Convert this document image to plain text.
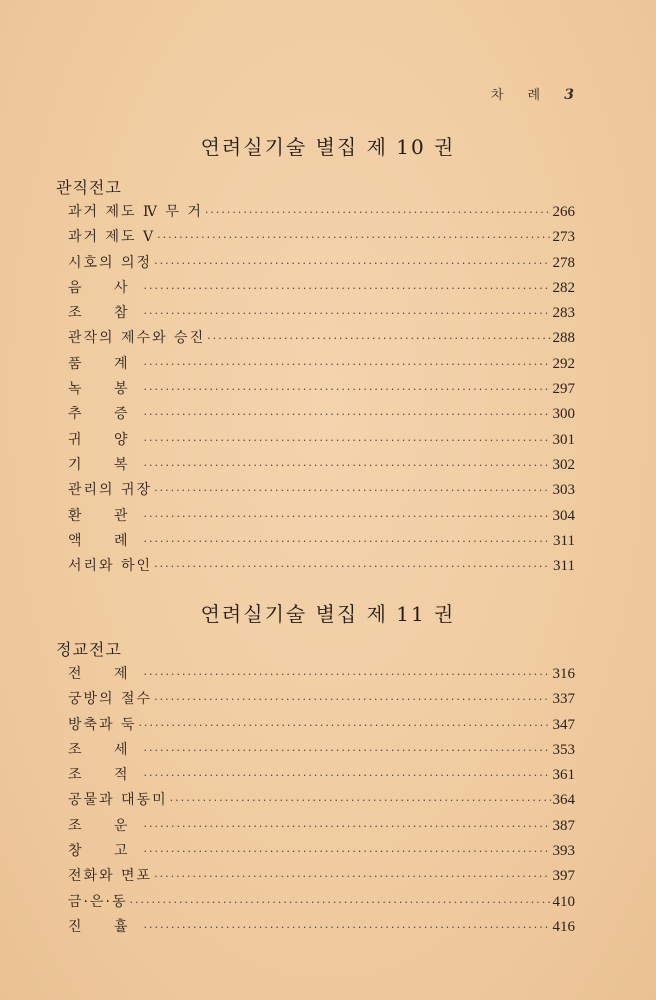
차 례 3
연려실기술 별집 제 10 권
관직전고
과거 제도 Ⅳ 무 거 ·····	266
과거 제도 Ⅴ ·····	273
시호의 의정 ·····	278
음 사 ·····	282
조 참 ·····	283
관작의 제수와 승진 ·····	288
품 계 ·····	292
녹 봉 ·····	297
추 증 ·····	300
귀 양 ·····	301
기 복 ·····	302
관리의 귀장 ·····	303
환 관 ·····	304
액 례 ·····	311
서리와 하인 ·····	311
연려실기술 별집 제 11 권
정교전고
전 제 ·····	316
궁방의 절수 ·····	337
방축과 둑 ·····	347
조 세 ·····	353
조 적 ·····	361
공물과 대동미 ·····	364
조 운 ·····	387
창 고 ·····	393
전화와 면포 ·····	397
금·은·동 ·····	410
진 휼 ·····	416
